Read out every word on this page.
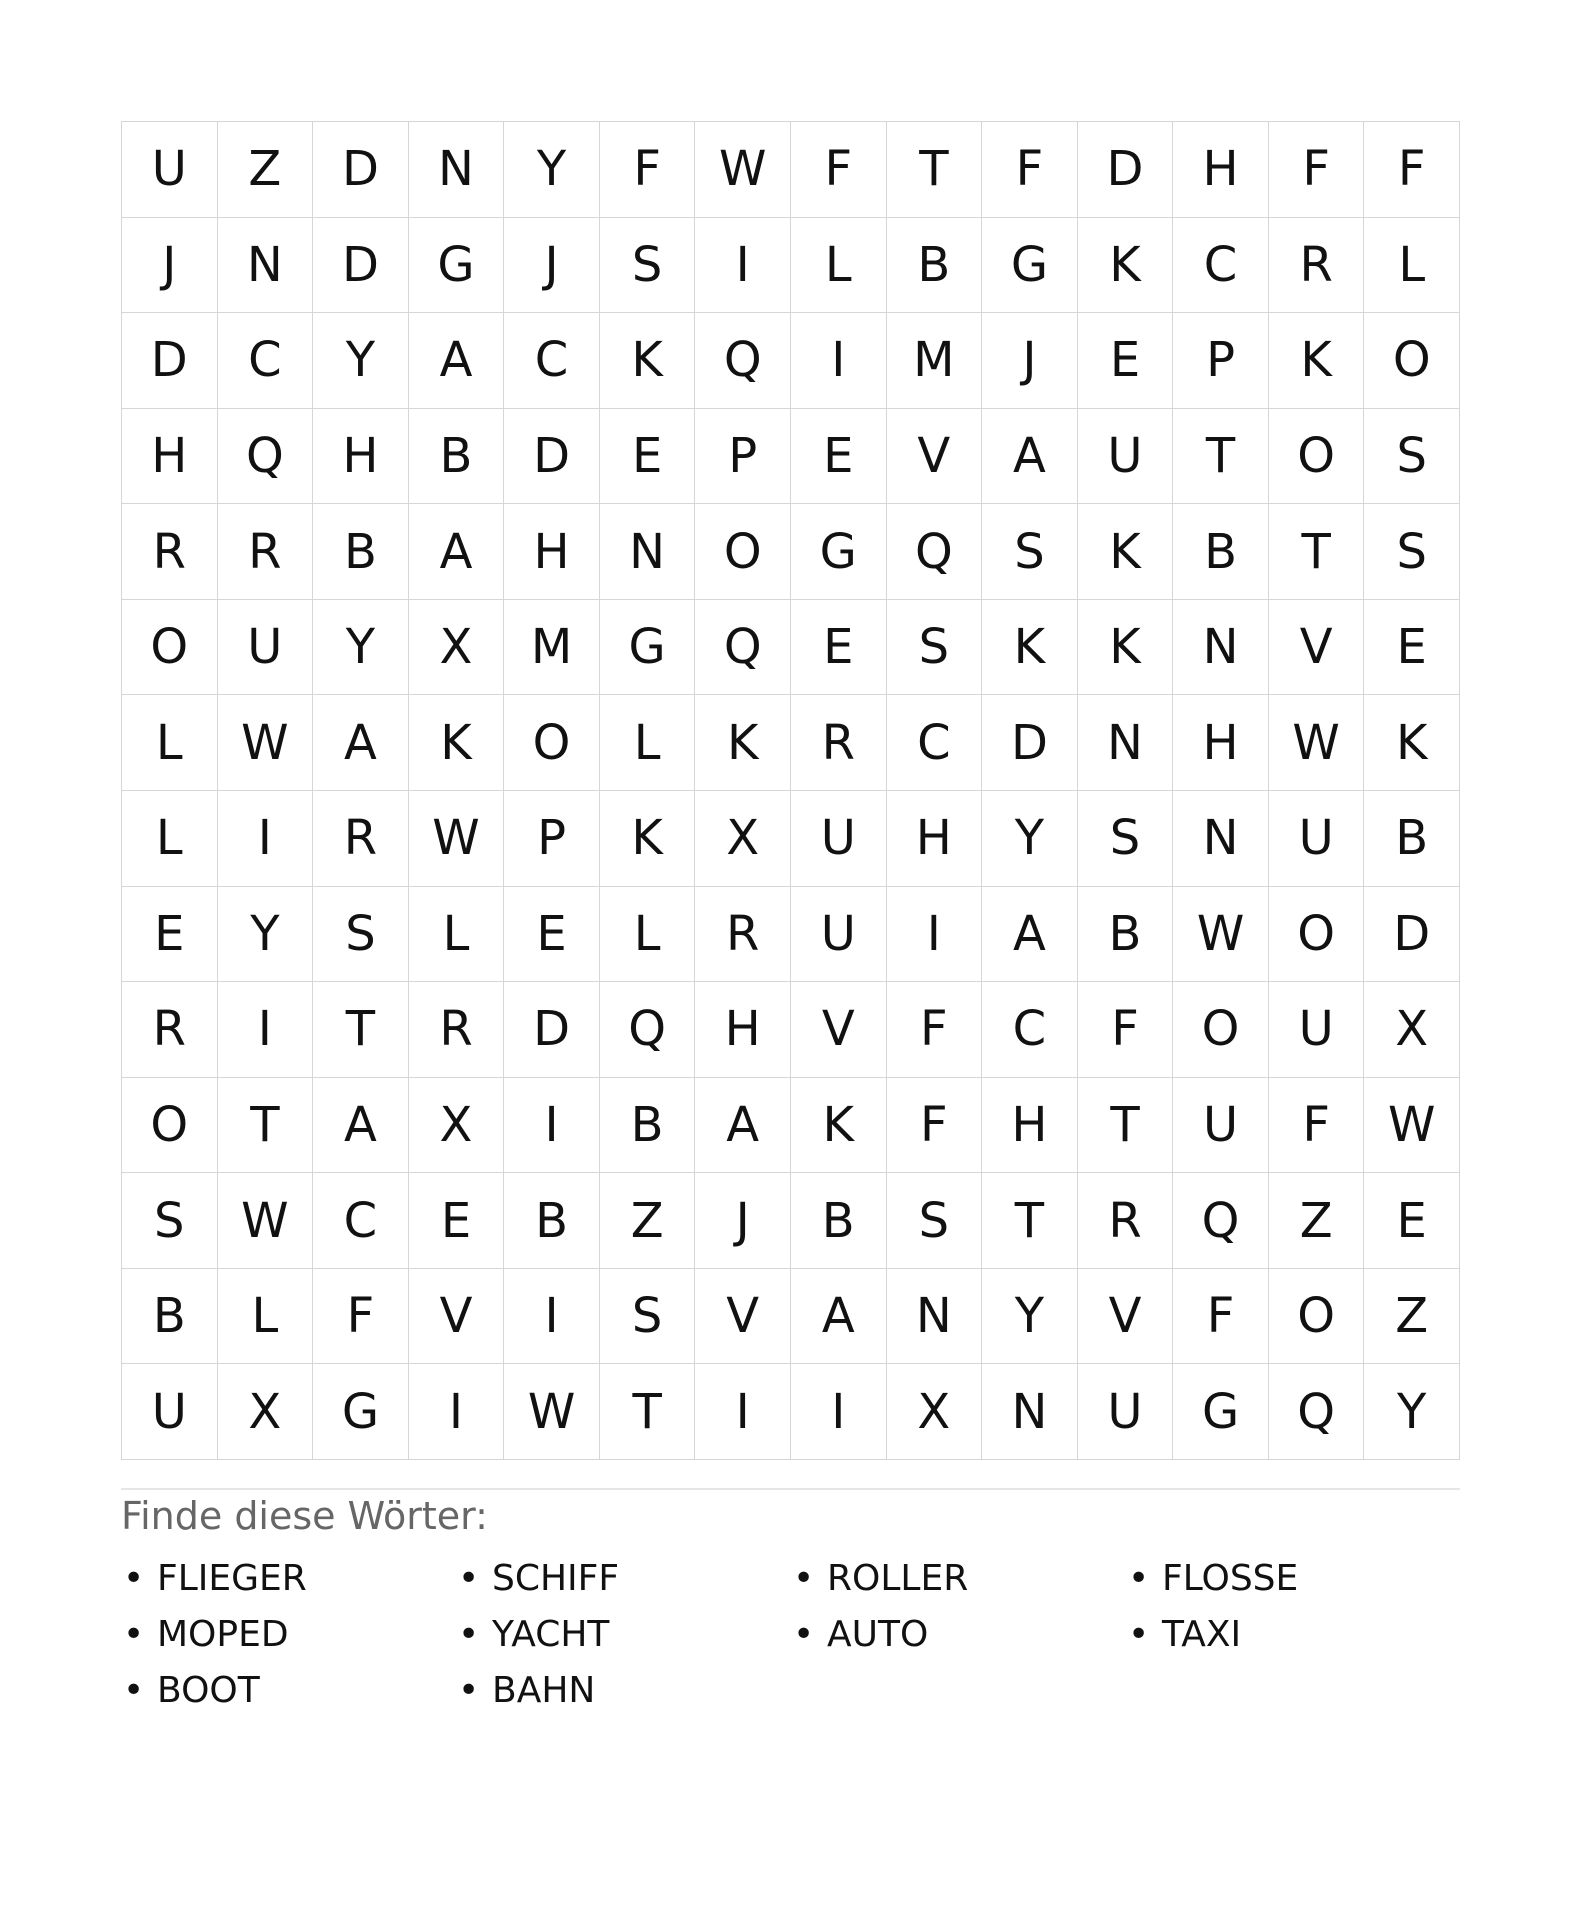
U	Z	D	N	Y	F	W	F	T	F	D	H	F	F
J	N	D	G	J	S	I	L	B	G	K	C	R	L
D	C	Y	A	C	K	Q	I	M	J	E	P	K	O
H	Q	H	B	D	E	P	E	V	A	U	T	O	S
R	R	B	A	H	N	O	G	Q	S	K	B	T	S
O	U	Y	X	M	G	Q	E	S	K	K	N	V	E
L	W	A	K	O	L	K	R	C	D	N	H	W	K
L	I	R	W	P	K	X	U	H	Y	S	N	U	B
E	Y	S	L	E	L	R	U	I	A	B	W	O	D
R	I	T	R	D	Q	H	V	F	C	F	O	U	X
O	T	A	X	I	B	A	K	F	H	T	U	F	W
S	W	C	E	B	Z	J	B	S	T	R	Q	Z	E
B	L	F	V	I	S	V	A	N	Y	V	F	O	Z
U	X	G	I	W	T	I	I	X	N	U	G	Q	Y
Finde diese Wörter:
• FLIEGER	• SCHIFF	• ROLLER	• FLOSSE
• MOPED	• YACHT	• AUTO	• TAXI
• BOOT	• BAHN
